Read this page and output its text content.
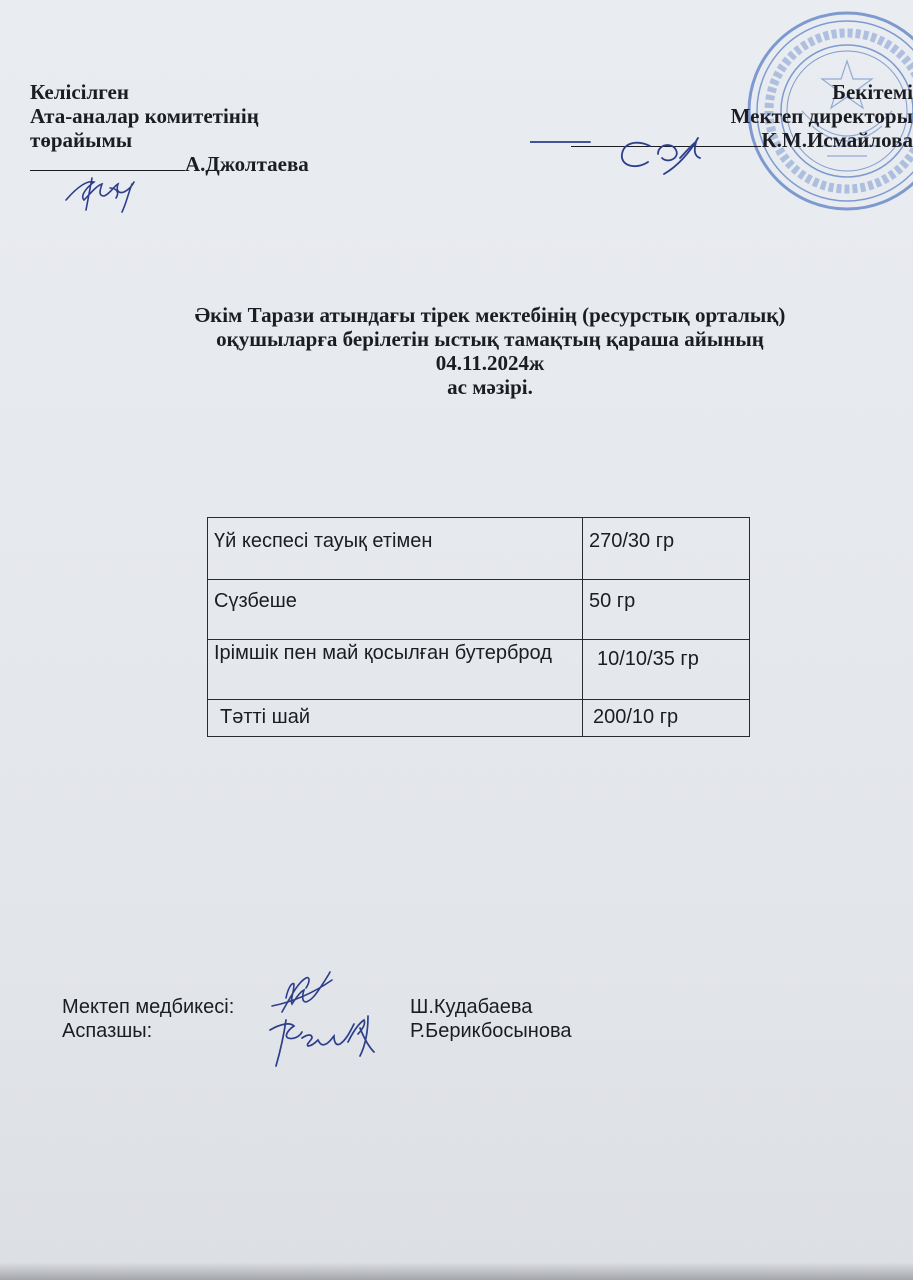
Келісілген
Ата-аналар комитетінің
төрайымы
А.Джолтаева
Бекітемі
Мектеп директоры
К.М.Исмайлова
Әкім Тарази атындағы тірек мектебінің (ресурстық орталық)
оқушыларға берілетін ыстық тамақтың қараша айының
04.11.2024ж
ас мәзірі.
Үй кеспесі тауық етімен	270/30 гр
Сүзбеше	50 гр
Ірімшік пен май қосылған бутерброд	10/10/35 гр
Тәтті шай	200/10 гр
Мектеп медбикесі:	Ш.Кудабаева
Аспазшы:	Р.Берикбосынова
